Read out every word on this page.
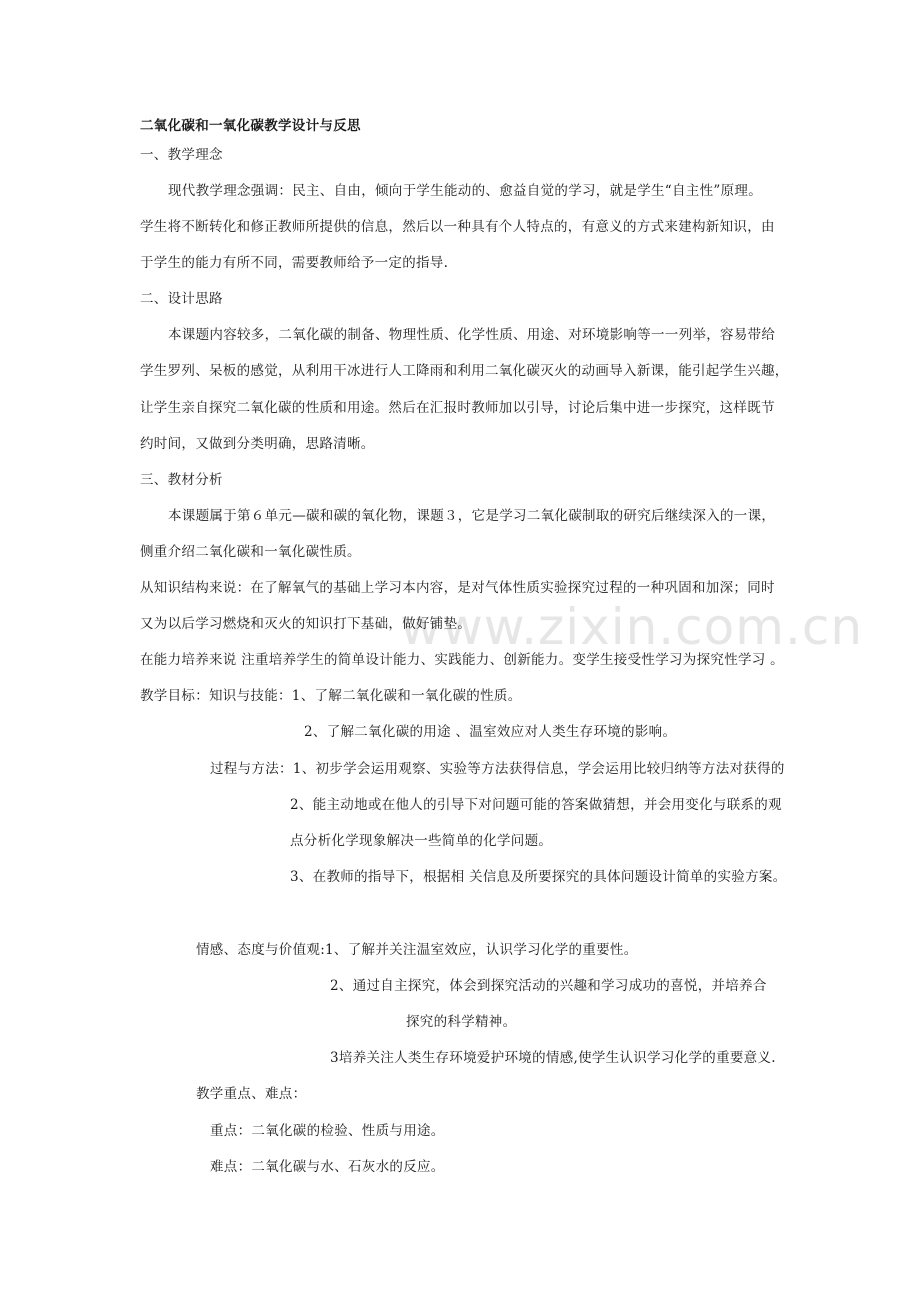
www.zixin.com.cn
二氧化碳和一氧化碳教学设计与反思
一、教学理念
现代教学理念强调：民主、自由，倾向于学生能动的、愈益自觉的学习，就是学生“自主性”原理。
学生将不断转化和修正教师所提供的信息，然后以一种具有个人特点的，有意义的方式来建构新知识，由
于学生的能力有所不同，需要教师给予一定的指导.
二、设计思路
本课题内容较多，二氧化碳的制备、物理性质、化学性质、用途、对环境影响等一一列举，容易带给
学生罗列、呆板的感觉，从利用干冰进行人工降雨和利用二氧化碳灭火的动画导入新课，能引起学生兴趣，
让学生亲自探究二氧化碳的性质和用途。然后在汇报时教师加以引导，讨论后集中进一步探究，这样既节
约时间，又做到分类明确，思路清晰。
三、教材分析
本课题属于第６单元—碳和碳的氧化物，课题３，它是学习二氧化碳制取的研究后继续深入的一课，
侧重介绍二氧化碳和一氧化碳性质。
从知识结构来说：在了解氧气的基础上学习本内容，是对气体性质实验探究过程的一种巩固和加深；同时
又为以后学习燃烧和灭火的知识打下基础，做好铺垫。
在能力培养来说 注重培养学生的简单设计能力、实践能力、创新能力。变学生接受性学习为探究性学习 。
教学目标：知识与技能：1、了解二氧化碳和一氧化碳的性质。
2、了解二氧化碳的用途 、温室效应对人类生存环境的影响。
过程与方法：1、初步学会运用观察、实验等方法获得信息，学会运用比较归纳等方法对获得的
2、能主动地或在他人的引导下对问题可能的答案做猜想，并会用变化与联系的观
点分析化学现象解决一些简单的化学问题。
3、在教师的指导下，根据相 关信息及所要探究的具体问题设计简单的实验方案。
情感、态度与价值观:1、了解并关注温室效应，认识学习化学的重要性。
2、通过自主探究，体会到探究活动的兴趣和学习成功的喜悦，并培养合
探究的科学精神。
3培养关注人类生存环境爱护环境的情感,使学生认识学习化学的重要意义.
教学重点、难点：
重点：二氧化碳的检验、性质与用途。
难点：二氧化碳与水、石灰水的反应。
